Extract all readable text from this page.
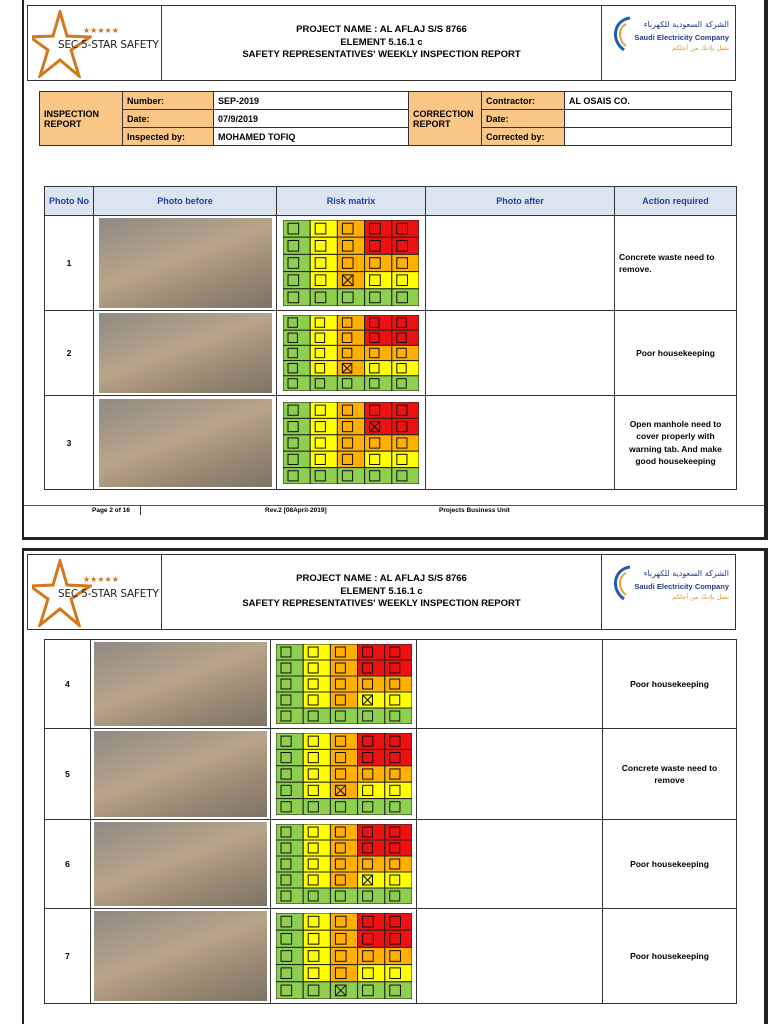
★★★★★
SEC 5-STAR SAFETY
PROJECT NAME : AL AFLAJ S/S 8766
ELEMENT 5.16.1 c
SAFETY REPRESENTATIVES' WEEKLY INSPECTION REPORT
الشركة السعودية للكهرباء
Saudi Electricity Company
نصل بإذنك من أجلكم
INSPECTION REPORT	Number:	SEP-2019	CORRECTION REPORT	Contractor:	AL OSAIS CO.
	Date:	07/9/2019		Date:	
	Inspected by:	MOHAMED TOFIQ		Corrected by:	
Photo No	Photo before	Risk matrix	Photo after	Action required
1				Concrete waste need to remove.
2				Poor housekeeping
3				Open manhole need to cover properly with warning tab. And make good housekeeping
Page 2 of 16	Rev.2 [08April-2019]	Projects Business Unit
★★★★★
SEC 5-STAR SAFETY
PROJECT NAME : AL AFLAJ S/S 8766
ELEMENT 5.16.1 c
SAFETY REPRESENTATIVES' WEEKLY INSPECTION REPORT
الشركة السعودية للكهرباء
Saudi Electricity Company
نصل بإذنك من أجلكم
4				Poor housekeeping
5				Concrete waste need to remove
6				Poor housekeeping
7				Poor housekeeping
